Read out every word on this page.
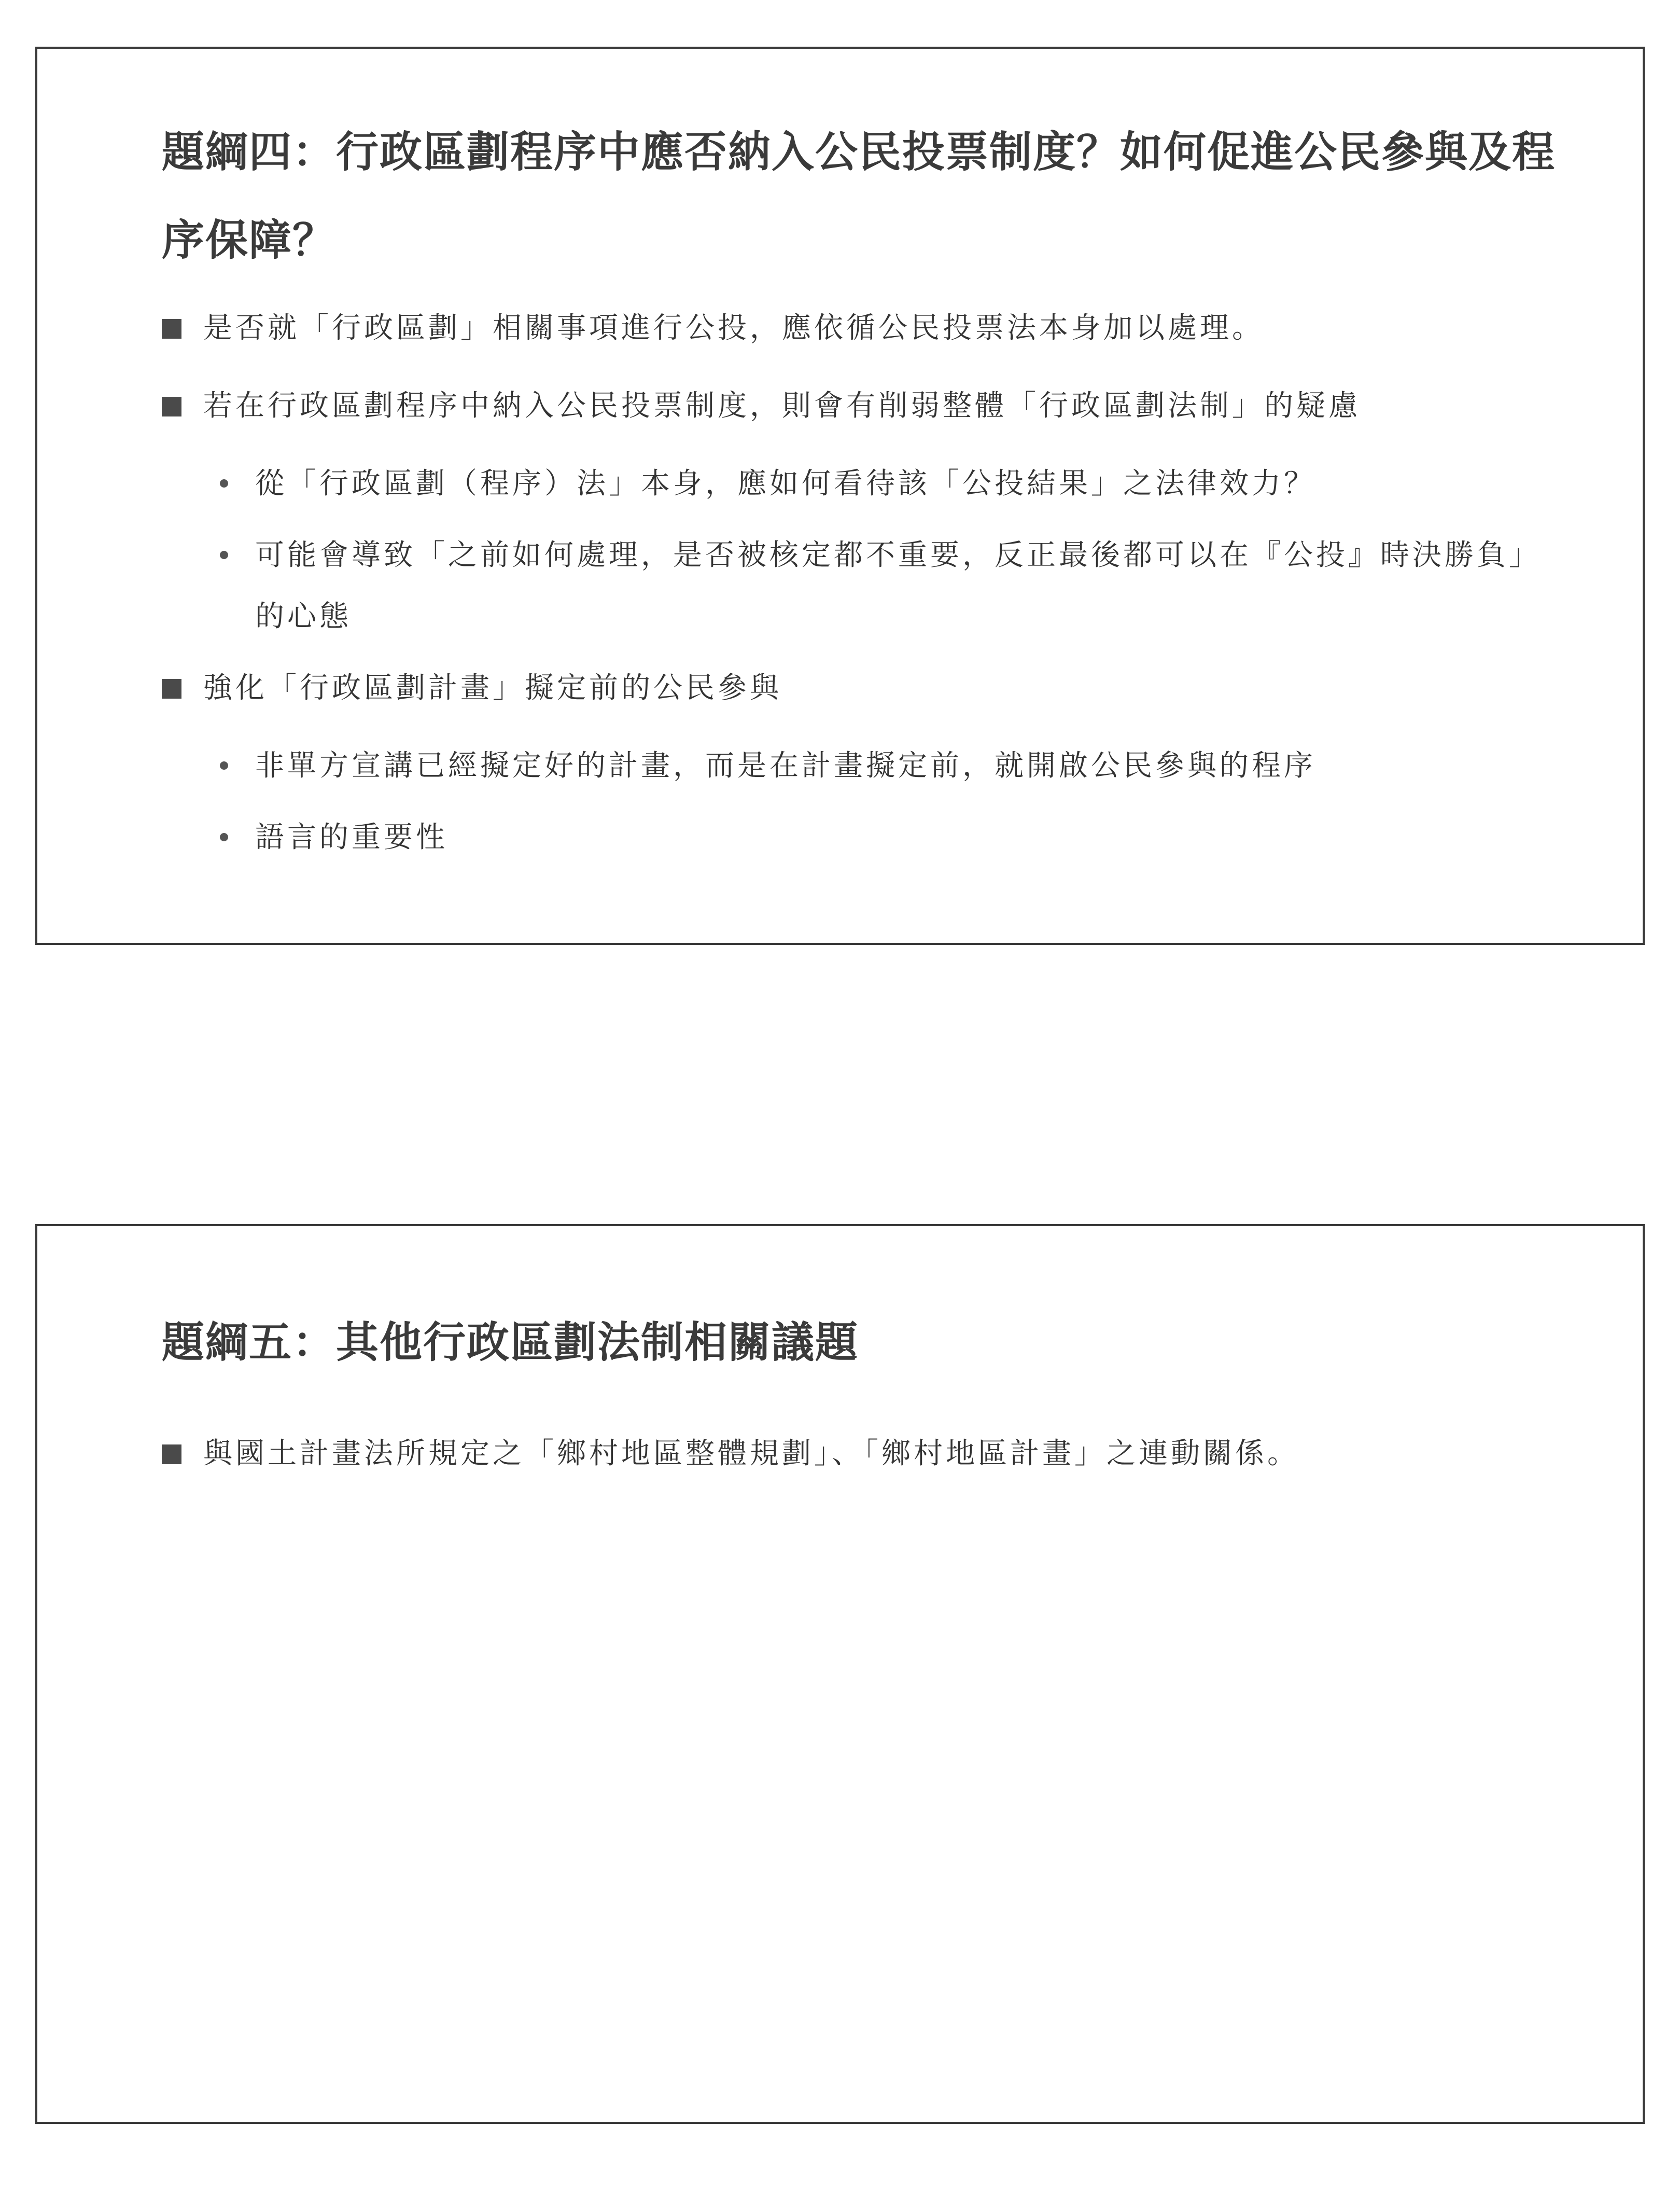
題綱四：行政區劃程序中應否納入公民投票制度？如何促進公民參與及程序保障？
是否就「行政區劃」相關事項進行公投，應依循公民投票法本身加以處理。
若在行政區劃程序中納入公民投票制度，則會有削弱整體「行政區劃法制」的疑慮
從「行政區劃（程序）法」本身，應如何看待該「公投結果」之法律效力？
可能會導致「之前如何處理，是否被核定都不重要，反正最後都可以在『公投』時決勝負」的心態
強化「行政區劃計畫」擬定前的公民參與
非單方宣講已經擬定好的計畫，而是在計畫擬定前，就開啟公民參與的程序
語言的重要性
題綱五：其他行政區劃法制相關議題
與國土計畫法所規定之「鄉村地區整體規劃」、「鄉村地區計畫」之連動關係。
